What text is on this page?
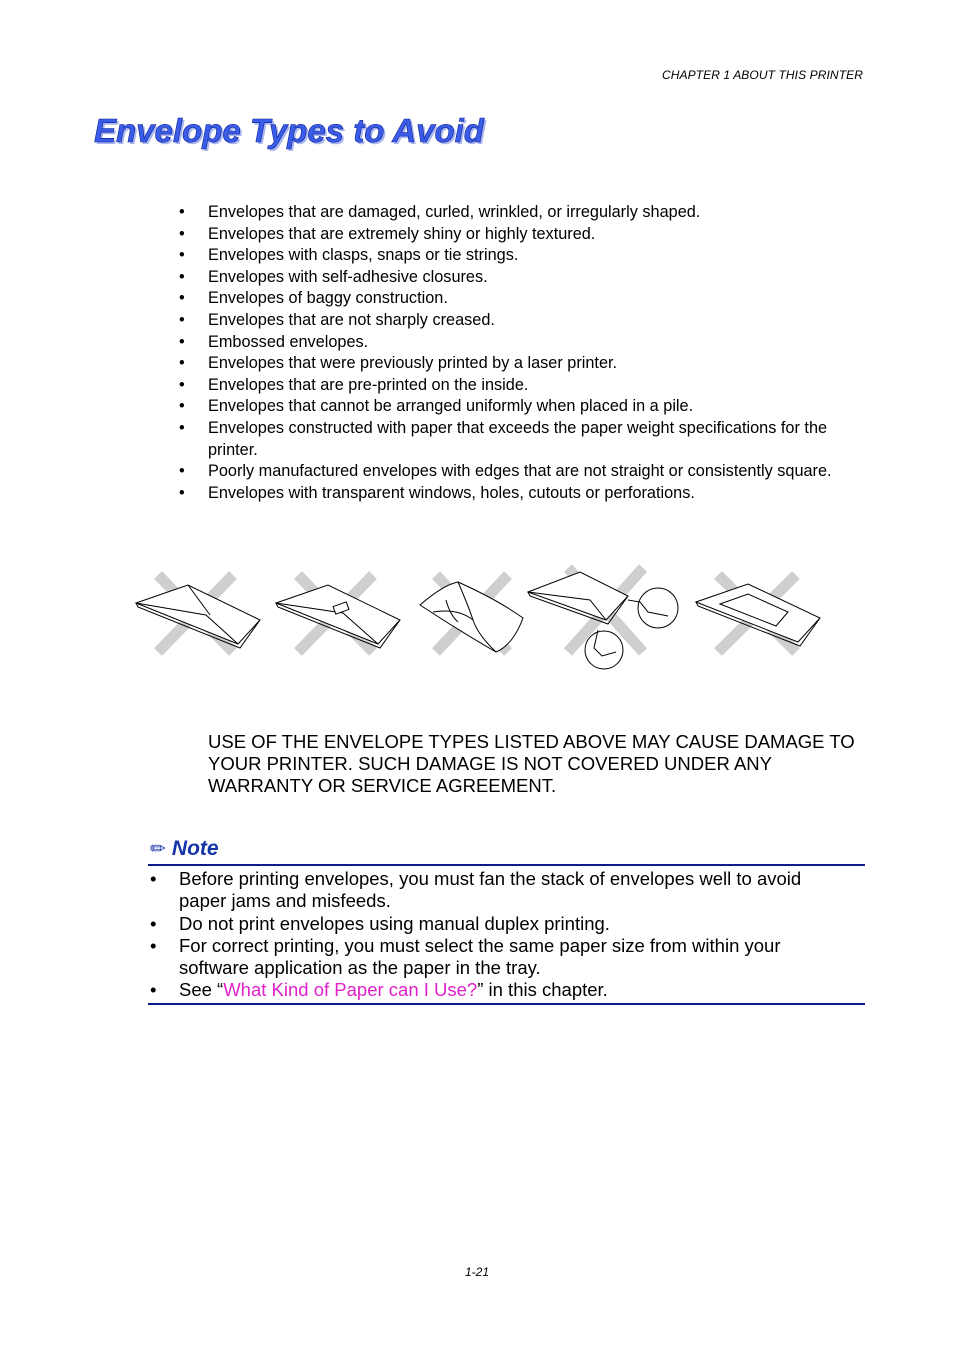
CHAPTER 1 ABOUT THIS PRINTER
Envelope Types to Avoid
• Envelopes that are damaged, curled, wrinkled, or irregularly shaped.
• Envelopes that are extremely shiny or highly textured.
• Envelopes with clasps, snaps or tie strings.
• Envelopes with self-adhesive closures.
• Envelopes of baggy construction.
• Envelopes that are not sharply creased.
• Embossed envelopes.
• Envelopes that were previously printed by a laser printer.
• Envelopes that are pre-printed on the inside.
• Envelopes that cannot be arranged uniformly when placed in a pile.
• Envelopes constructed with paper that exceeds the paper weight specifications for the printer.
• Poorly manufactured envelopes with edges that are not straight or consistently square.
• Envelopes with transparent windows, holes, cutouts or perforations.
USE OF THE ENVELOPE TYPES LISTED ABOVE MAY CAUSE DAMAGE TO YOUR PRINTER. SUCH DAMAGE IS NOT COVERED UNDER ANY WARRANTY OR SERVICE AGREEMENT.
✏ Note
• Before printing envelopes, you must fan the stack of envelopes well to avoid paper jams and misfeeds.
• Do not print envelopes using manual duplex printing.
• For correct printing, you must select the same paper size from within your software application as the paper in the tray.
• See “What Kind of Paper can I Use?” in this chapter.
1-21
